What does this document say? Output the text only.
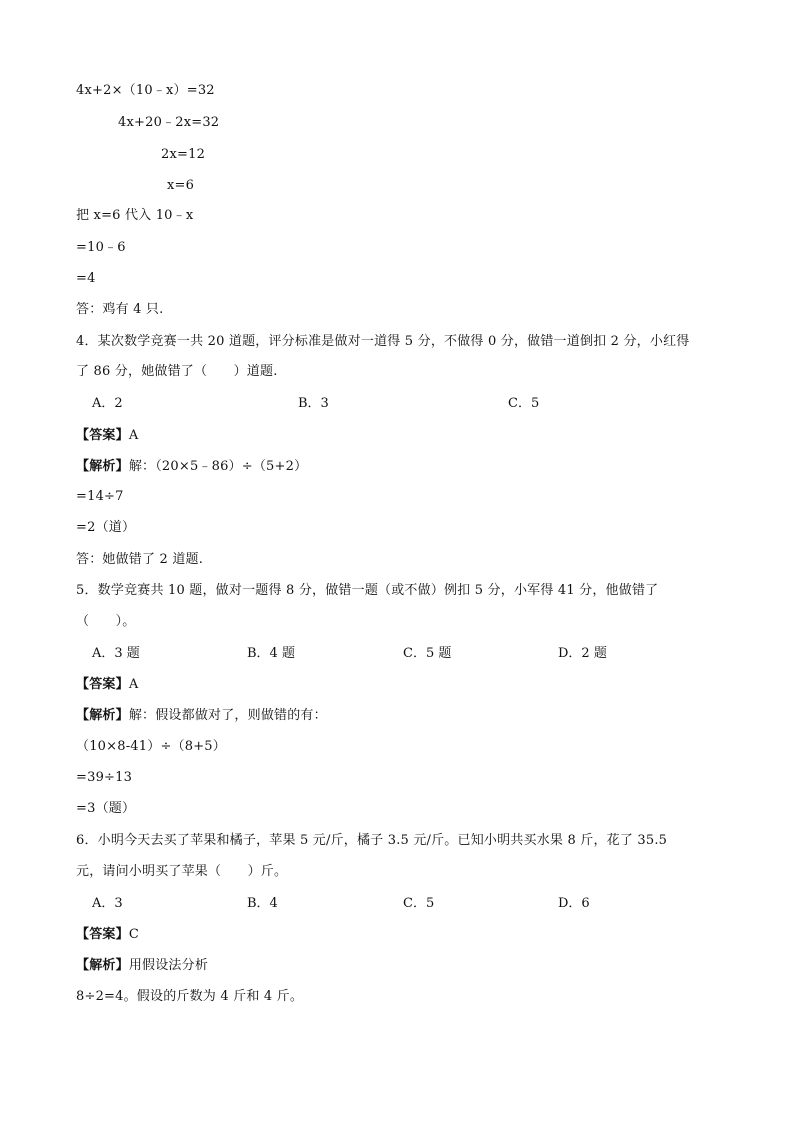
4x+2×（10﹣x）=32
4x+20﹣2x=32
2x=12
x=6
把 x=6 代入 10﹣x
=10﹣6
=4
答：鸡有 4 只.
4．某次数学竞赛一共 20 道题，评分标准是做对一道得 5 分，不做得 0 分，做错一道倒扣 2 分，小红得
了 86 分，她做错了（　　）道题.
A．2	B．3	C．5
【答案】A
【解析】解：（20×5﹣86）÷（5+2）
=14÷7
=2（道）
答：她做错了 2 道题.
5．数学竞赛共 10 题，做对一题得 8 分，做错一题（或不做）例扣 5 分，小军得 41 分，他做错了
（　　）。
A．3 题	B．4 题	C．5 题	D．2 题
【答案】A
【解析】解：假设都做对了，则做错的有：
（10×8-41）÷（8+5）
=39÷13
=3（题）
6．小明今天去买了苹果和橘子，苹果 5 元/斤，橘子 3.5 元/斤。已知小明共买水果 8 斤，花了 35.5
元，请问小明买了苹果（　　）斤。
A．3	B．4	C．5	D．6
【答案】C
【解析】用假设法分析
8÷2=4。假设的斤数为 4 斤和 4 斤。
